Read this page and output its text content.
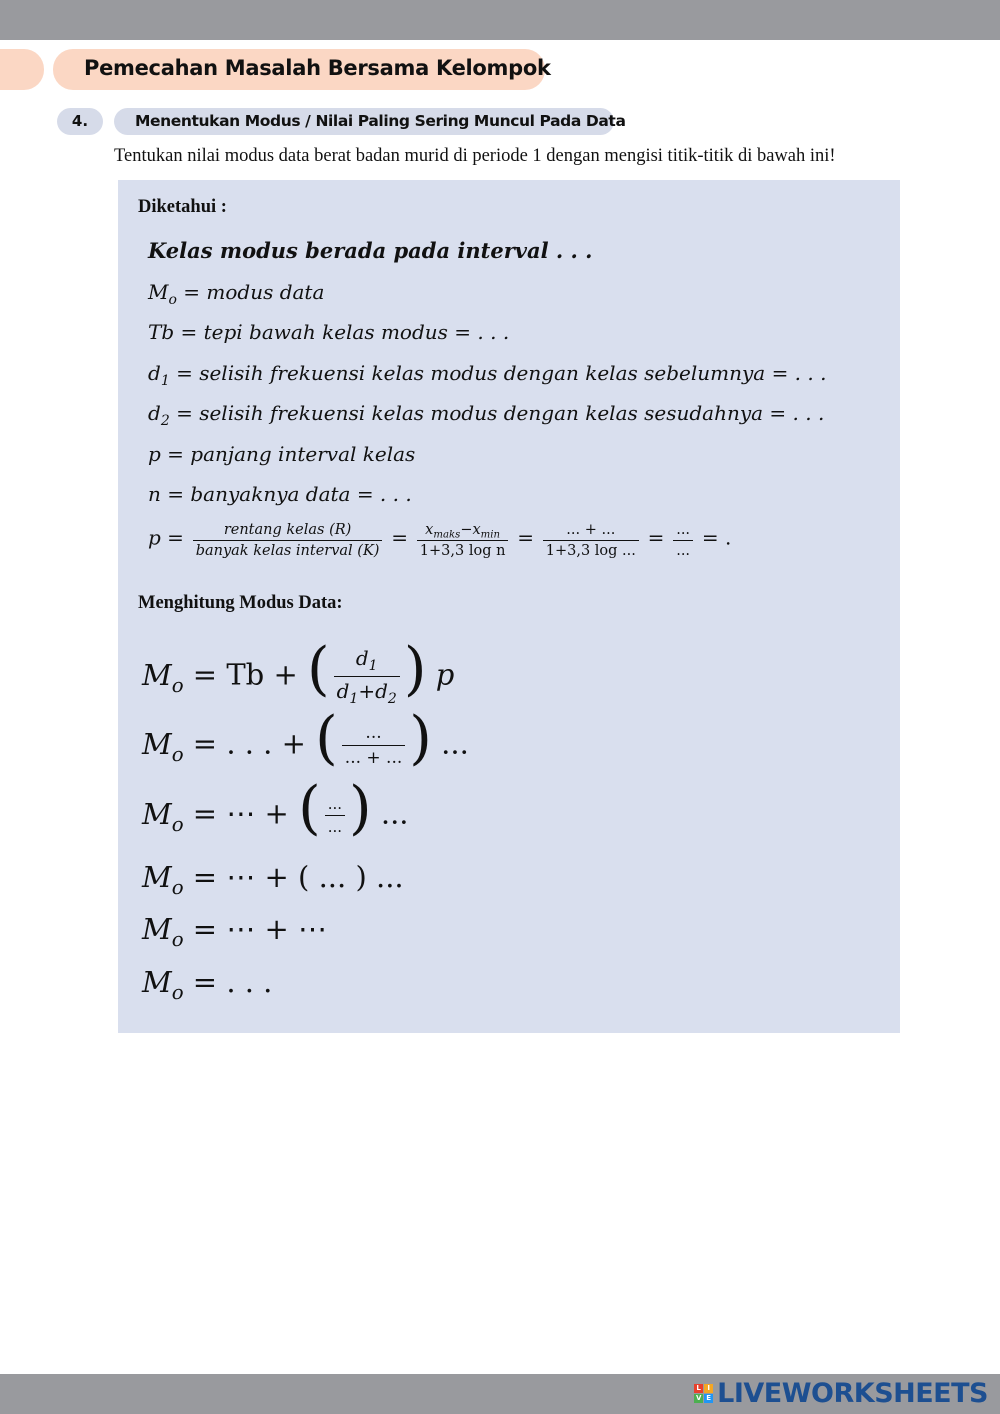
Pemecahan Masalah Bersama Kelompok
4.	Menentukan Modus / Nilai Paling Sering Muncul Pada Data
Tentukan nilai modus data berat badan murid di periode 1 dengan mengisi titik-titik di bawah ini!
Diketahui :
Kelas modus berada pada interval . . .
$M_o$ = modus data
Tb = tepi bawah kelas modus = . . .
$d_1$ = selisih frekuensi kelas modus dengan kelas sebelumnya = . . .
$d_2$ = selisih frekuensi kelas modus dengan kelas sesudahnya = . . .
p = panjang interval kelas
n = banyaknya data = . . .
$p = \frac{\text{rentang kelas (R)}}{\text{banyak kelas interval (K)}} = \frac{x_{maks}-x_{min}}{\text{1+3,3 log n}} = \frac{... + ...}{1+3,3 \log ...} = \frac{...}{...}$ = .
Menghitung Modus Data:
$M_o = Tb$ + ( $\frac{d_1}{d_1+d_2}$ ) p
$M_o$ = . . . + ( $\frac{...}{... + ...}$ ) ...
$M_o$ = ⋯ + ( $\frac{...}{...}$ ) ...
$M_o$ = ⋯ + ( ... ) ...
$M_o$ = ⋯ + ⋯
$M_o$ = . . .
L I
V E LIVEWORKSHEETS
